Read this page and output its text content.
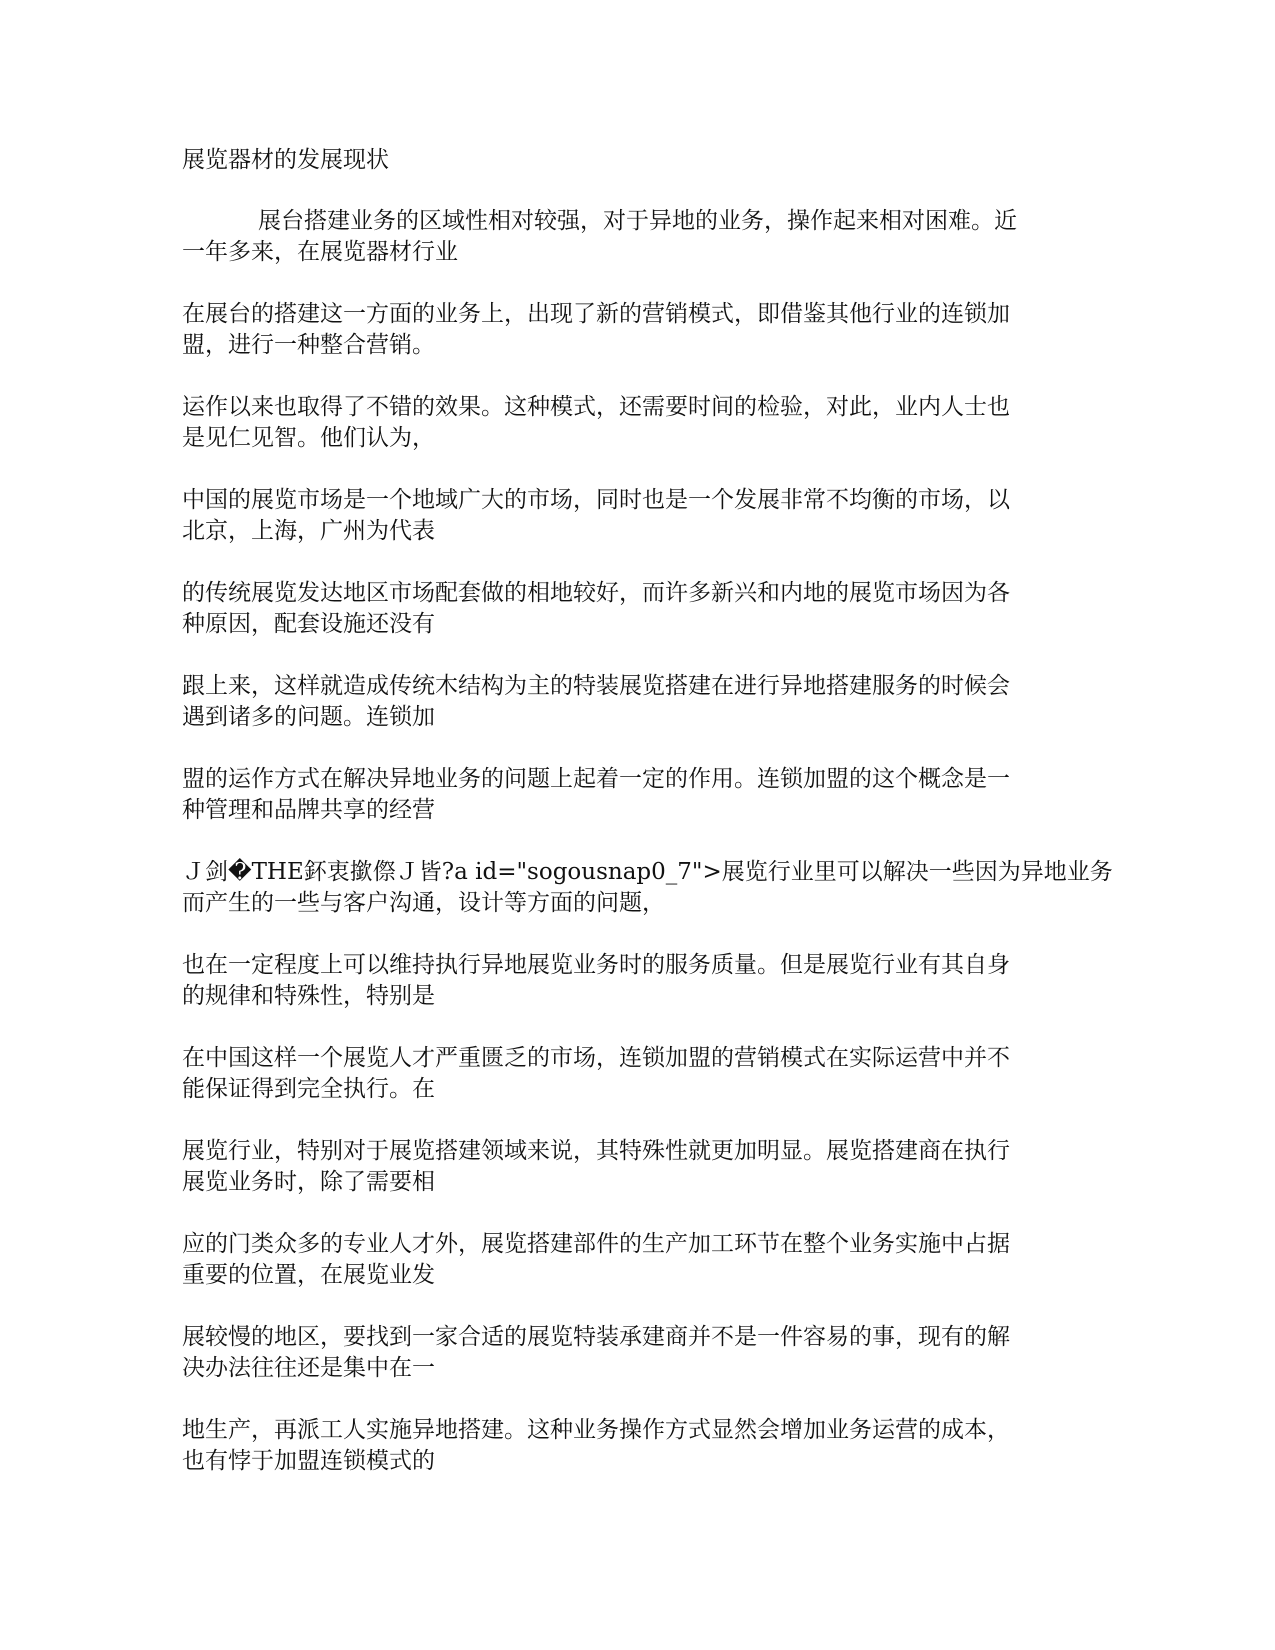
展览器材的发展现状
展台搭建业务的区域性相对较强，对于异地的业务，操作起来相对困难。近
一年多来，在展览器材行业
在展台的搭建这一方面的业务上，出现了新的营销模式，即借鉴其他行业的连锁加
盟，进行一种整合营销。
运作以来也取得了不错的效果。这种模式，还需要时间的检验，对此，业内人士也
是见仁见智。他们认为，
中国的展览市场是一个地域广大的市场，同时也是一个发展非常不均衡的市场，以
北京，上海，广州为代表
的传统展览发达地区市场配套做的相地较好，而许多新兴和内地的展览市场因为各
种原因，配套设施还没有
跟上来，这样就造成传统木结构为主的特装展览搭建在进行异地搭建服务的时候会
遇到诸多的问题。连锁加
盟的运作方式在解决异地业务的问题上起着一定的作用。连锁加盟的这个概念是一
种管理和品牌共享的经营
Ｊ剑�THE鈈衷撳傺Ｊ皆?a id="sogousnap0_7">展览行业里可以解决一些因为异地业务
而产生的一些与客户沟通，设计等方面的问题，
也在一定程度上可以维持执行异地展览业务时的服务质量。但是展览行业有其自身
的规律和特殊性，特别是
在中国这样一个展览人才严重匮乏的市场，连锁加盟的营销模式在实际运营中并不
能保证得到完全执行。在
展览行业，特别对于展览搭建领域来说，其特殊性就更加明显。展览搭建商在执行
展览业务时，除了需要相
应的门类众多的专业人才外，展览搭建部件的生产加工环节在整个业务实施中占据
重要的位置，在展览业发
展较慢的地区，要找到一家合适的展览特装承建商并不是一件容易的事，现有的解
决办法往往还是集中在一
地生产，再派工人实施异地搭建。这种业务操作方式显然会增加业务运营的成本，
也有悖于加盟连锁模式的
